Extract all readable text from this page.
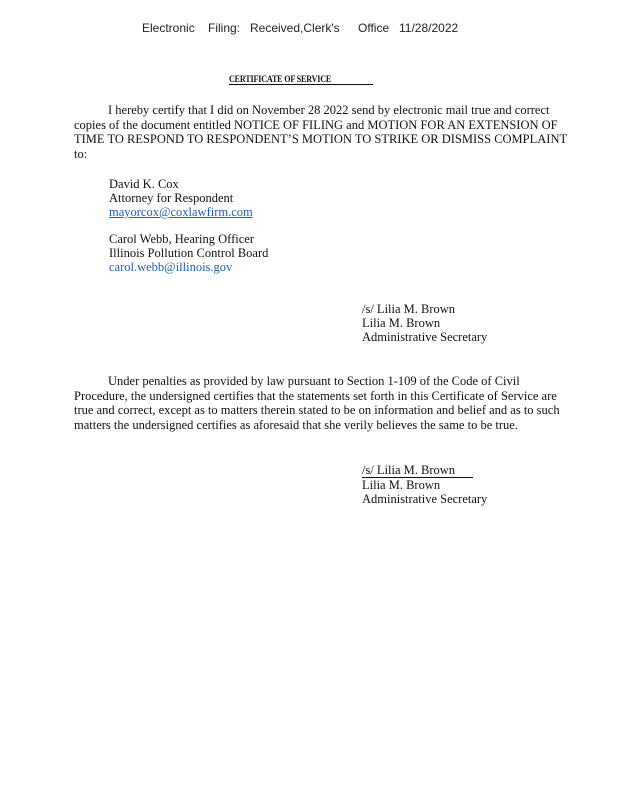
Electronic Filing: Received,Clerk's Office 11/28/2022
CERTIFICATE OF SERVICE
I hereby certify that I did on November 28 2022 send by electronic mail true and correct
copies of the document entitled NOTICE OF FILING and MOTION FOR AN EXTENSION OF
TIME TO RESPOND TO RESPONDENT’S MOTION TO STRIKE OR DISMISS COMPLAINT
to:
David K. Cox
Attorney for Respondent
mayorcox@coxlawfirm.com
Carol Webb, Hearing Officer
Illinois Pollution Control Board
carol.webb@illinois.gov
/s/ Lilia M. Brown
Lilia M. Brown
Administrative Secretary
Under penalties as provided by law pursuant to Section 1-109 of the Code of Civil
Procedure, the undersigned certifies that the statements set forth in this Certificate of Service are
true and correct, except as to matters therein stated to be on information and belief and as to such
matters the undersigned certifies as aforesaid that she verily believes the same to be true.
/s/ Lilia M. Brown
Lilia M. Brown
Administrative Secretary
